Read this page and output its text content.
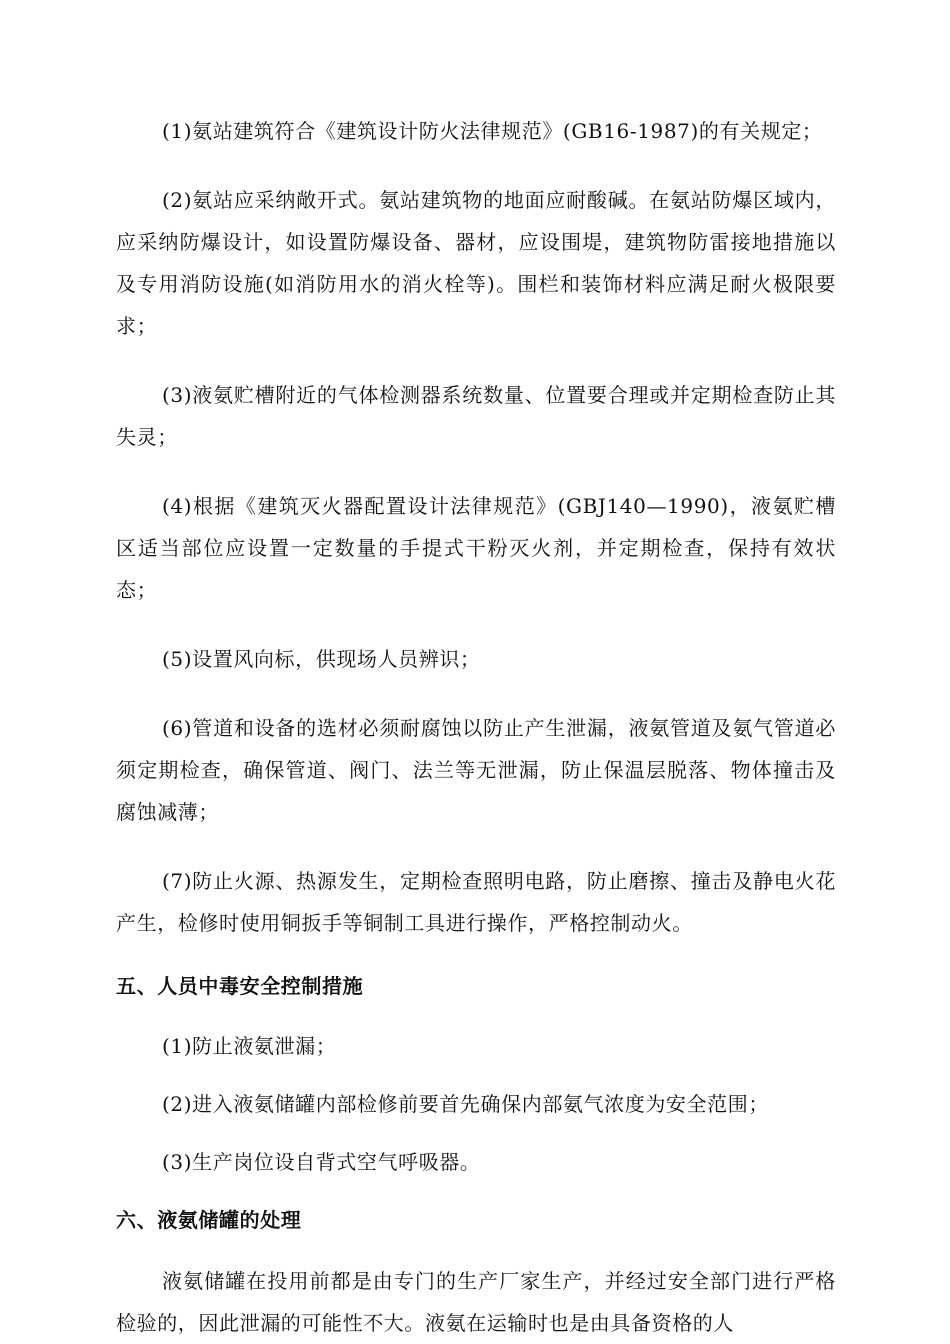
(1)氨站建筑符合《建筑设计防火法律规范》(GB16-1987)的有关规定；

(2)氨站应采纳敞开式。氨站建筑物的地面应耐酸碱。在氨站防爆区域内，应采纳防爆设计，如设置防爆设备、器材，应设围堤，建筑物防雷接地措施以及专用消防设施(如消防用水的消火栓等)。围栏和装饰材料应满足耐火极限要求；

(3)液氨贮槽附近的气体检测器系统数量、位置要合理或并定期检查防止其失灵；

(4)根据《建筑灭火器配置设计法律规范》(GBJ140—1990)，液氨贮槽区适当部位应设置一定数量的手提式干粉灭火剂，并定期检查，保持有效状态；

(5)设置风向标，供现场人员辨识；

(6)管道和设备的选材必须耐腐蚀以防止产生泄漏，液氨管道及氨气管道必须定期检查，确保管道、阀门、法兰等无泄漏，防止保温层脱落、物体撞击及腐蚀减薄；

(7)防止火源、热源发生，定期检查照明电路，防止磨擦、撞击及静电火花产生，检修时使用铜扳手等铜制工具进行操作，严格控制动火。

五、人员中毒安全控制措施

(1)防止液氨泄漏；

(2)进入液氨储罐内部检修前要首先确保内部氨气浓度为安全范围；

(3)生产岗位设自背式空气呼吸器。

六、液氨储罐的处理

液氨储罐在投用前都是由专门的生产厂家生产，并经过安全部门进行严格检验的，因此泄漏的可能性不大。液氨在运输时也是由具备资格的人
